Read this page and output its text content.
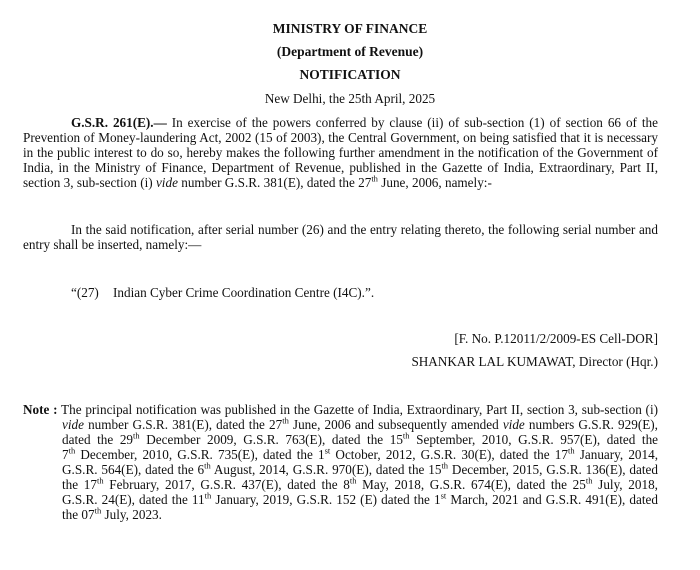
MINISTRY OF FINANCE
(Department of Revenue)
NOTIFICATION
New Delhi, the 25th April, 2025
G.S.R. 261(E).— In exercise of the powers conferred by clause (ii) of sub-section (1) of section 66 of the
Prevention of Money-laundering Act, 2002 (15 of 2003), the Central Government, on being satisfied that it is necessary
in the public interest to do so, hereby makes the following further amendment in the notification of the Government of
India, in the Ministry of Finance, Department of Revenue, published in the Gazette of India, Extraordinary, Part II,
section 3, sub-section (i) vide number G.S.R. 381(E), dated the 27th June, 2006, namely:-
In the said notification, after serial number (26) and the entry relating thereto, the following serial number and
entry shall be inserted, namely:—
“(27) Indian Cyber Crime Coordination Centre (I4C).”.
[F. No. P.12011/2/2009-ES Cell-DOR]
SHANKAR LAL KUMAWAT, Director (Hqr.)
Note : The principal notification was published in the Gazette of India, Extraordinary, Part II, section 3, sub-section (i)
vide number G.S.R. 381(E), dated the 27th June, 2006 and subsequently amended vide numbers G.S.R. 929(E),
dated the 29th December 2009, G.S.R. 763(E), dated the 15th September, 2010, G.S.R. 957(E), dated the
7th December, 2010, G.S.R. 735(E), dated the 1st October, 2012, G.S.R. 30(E), dated the 17th January, 2014,
G.S.R. 564(E), dated the 6th August, 2014, G.S.R. 970(E), dated the 15th December, 2015, G.S.R. 136(E), dated
the 17th February, 2017, G.S.R. 437(E), dated the 8th May, 2018, G.S.R. 674(E), dated the 25th July, 2018,
G.S.R. 24(E), dated the 11th January, 2019, G.S.R. 152 (E) dated the 1st March, 2021 and G.S.R. 491(E), dated
the 07th July, 2023.
